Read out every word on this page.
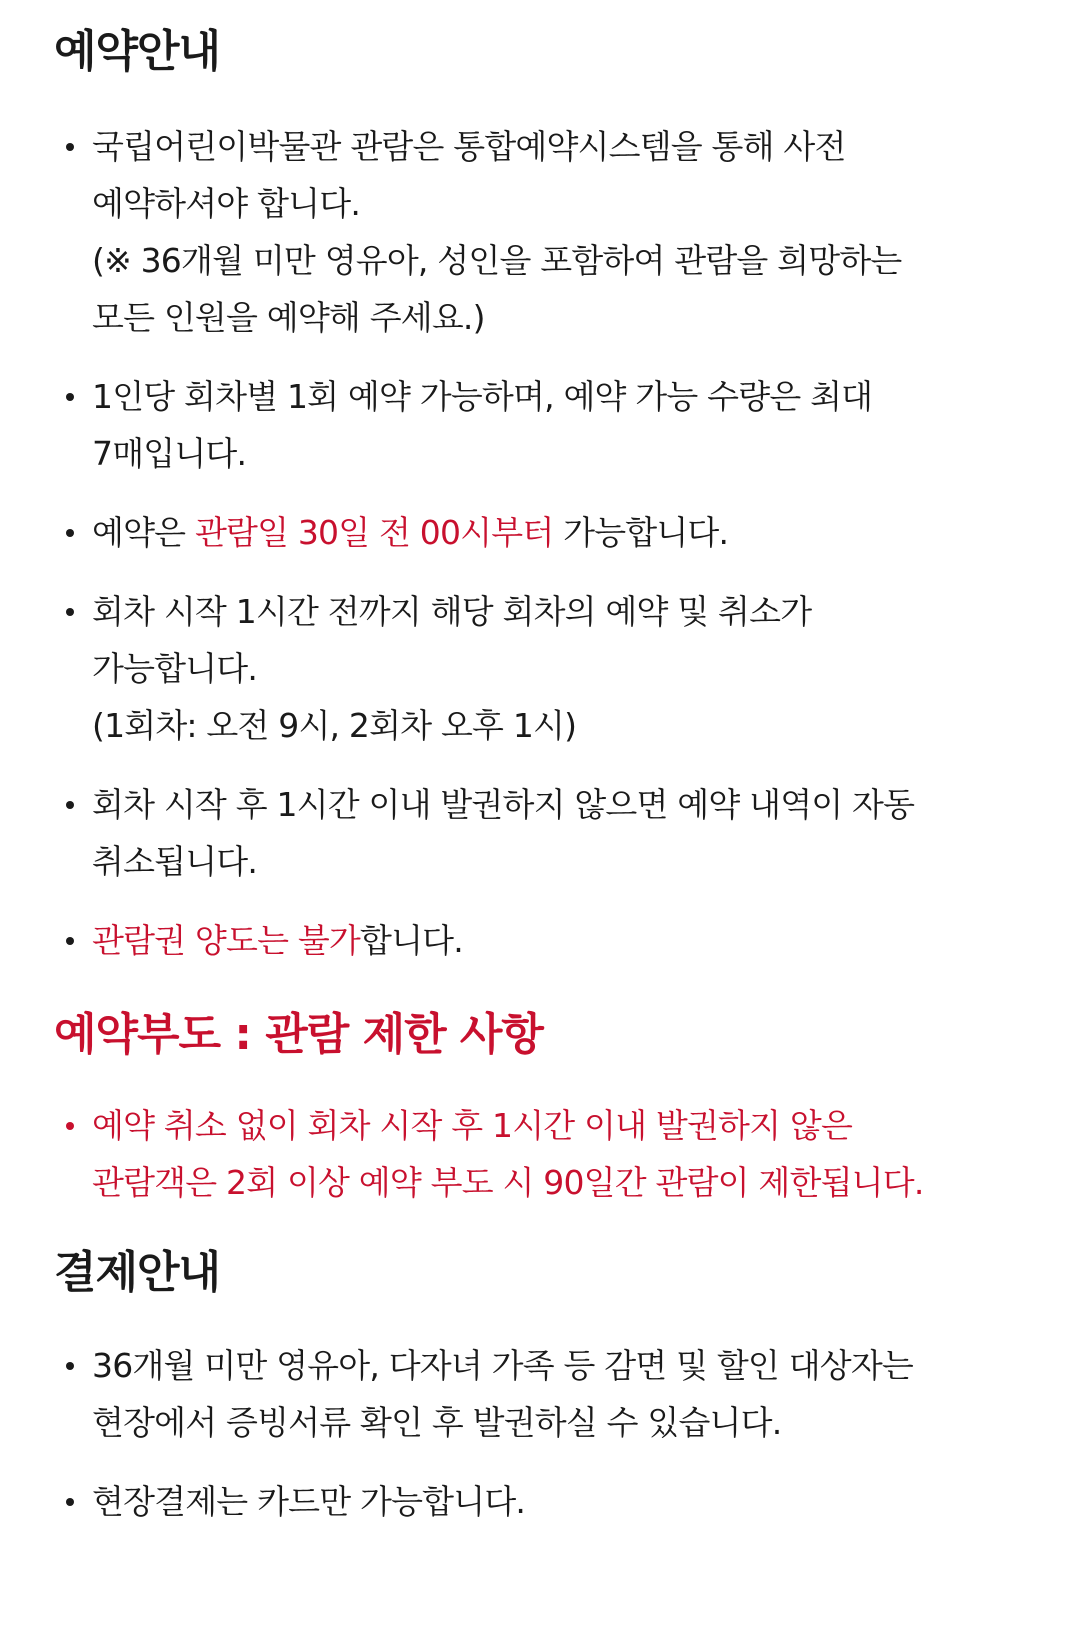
예약안내
국립어린이박물관 관람은 통합예약시스템을 통해 사전
예약하셔야 합니다.
(※ 36개월 미만 영유아, 성인을 포함하여 관람을 희망하는
모든 인원을 예약해 주세요.)
1인당 회차별 1회 예약 가능하며, 예약 가능 수량은 최대
7매입니다.
예약은 관람일 30일 전 00시부터 가능합니다.
회차 시작 1시간 전까지 해당 회차의 예약 및 취소가
가능합니다.
(1회차: 오전 9시, 2회차 오후 1시)
회차 시작 후 1시간 이내 발권하지 않으면 예약 내역이 자동
취소됩니다.
관람권 양도는 불가합니다.
예약부도 : 관람 제한 사항
예약 취소 없이 회차 시작 후 1시간 이내 발권하지 않은
관람객은 2회 이상 예약 부도 시 90일간 관람이 제한됩니다.
결제안내
36개월 미만 영유아, 다자녀 가족 등 감면 및 할인 대상자는
현장에서 증빙서류 확인 후 발권하실 수 있습니다.
현장결제는 카드만 가능합니다.
